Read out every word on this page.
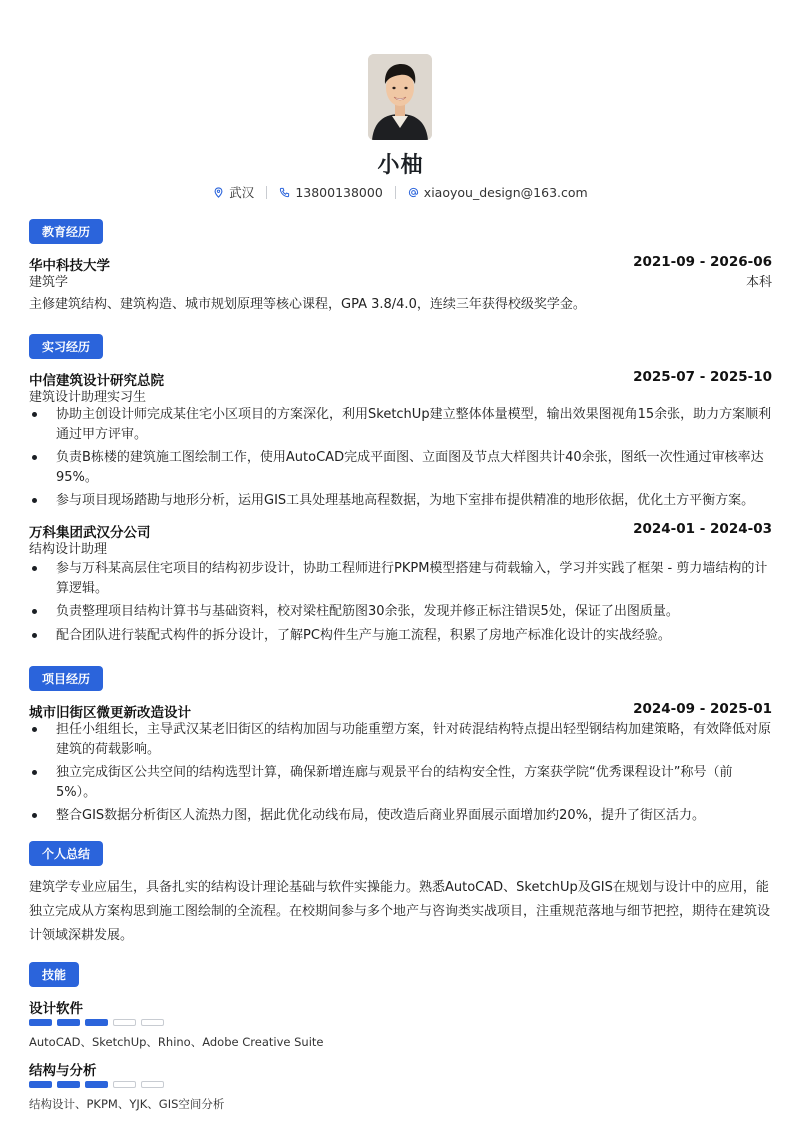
小柚
武汉	13800138000	xiaoyou_design@163.com
教育经历
华中科技大学	2021-09 - 2026-06
建筑学	本科
主修建筑结构、建筑构造、城市规划原理等核心课程，GPA 3.8/4.0，连续三年获得校级奖学金。
实习经历
中信建筑设计研究总院	2025-07 - 2025-10
建筑设计助理实习生
协助主创设计师完成某住宅小区项目的方案深化，利用SketchUp建立整体体量模型，输出效果图视角15余张，助力方案顺利通过甲方评审。
负责B栋楼的建筑施工图绘制工作，使用AutoCAD完成平面图、立面图及节点大样图共计40余张，图纸一次性通过审核率达95%。
参与项目现场踏勘与地形分析，运用GIS工具处理基地高程数据，为地下室排布提供精准的地形依据，优化土方平衡方案。
万科集团武汉分公司	2024-01 - 2024-03
结构设计助理
参与万科某高层住宅项目的结构初步设计，协助工程师进行PKPM模型搭建与荷载输入，学习并实践了框架 - 剪力墙结构的计算逻辑。
负责整理项目结构计算书与基础资料，校对梁柱配筋图30余张，发现并修正标注错误5处，保证了出图质量。
配合团队进行装配式构件的拆分设计，了解PC构件生产与施工流程，积累了房地产标准化设计的实战经验。
项目经历
城市旧街区微更新改造设计	2024-09 - 2025-01
担任小组组长，主导武汉某老旧街区的结构加固与功能重塑方案，针对砖混结构特点提出轻型钢结构加建策略，有效降低对原建筑的荷载影响。
独立完成街区公共空间的结构选型计算，确保新增连廊与观景平台的结构安全性，方案获学院“优秀课程设计”称号（前5%）。
整合GIS数据分析街区人流热力图，据此优化动线布局，使改造后商业界面展示面增加约20%，提升了街区活力。
个人总结
建筑学专业应届生，具备扎实的结构设计理论基础与软件实操能力。熟悉AutoCAD、SketchUp及GIS在规划与设计中的应用，能独立完成从方案构思到施工图绘制的全流程。在校期间参与多个地产与咨询类实战项目，注重规范落地与细节把控，期待在建筑设计领域深耕发展。
技能
设计软件
AutoCAD、SketchUp、Rhino、Adobe Creative Suite
结构与分析
结构设计、PKPM、YJK、GIS空间分析
